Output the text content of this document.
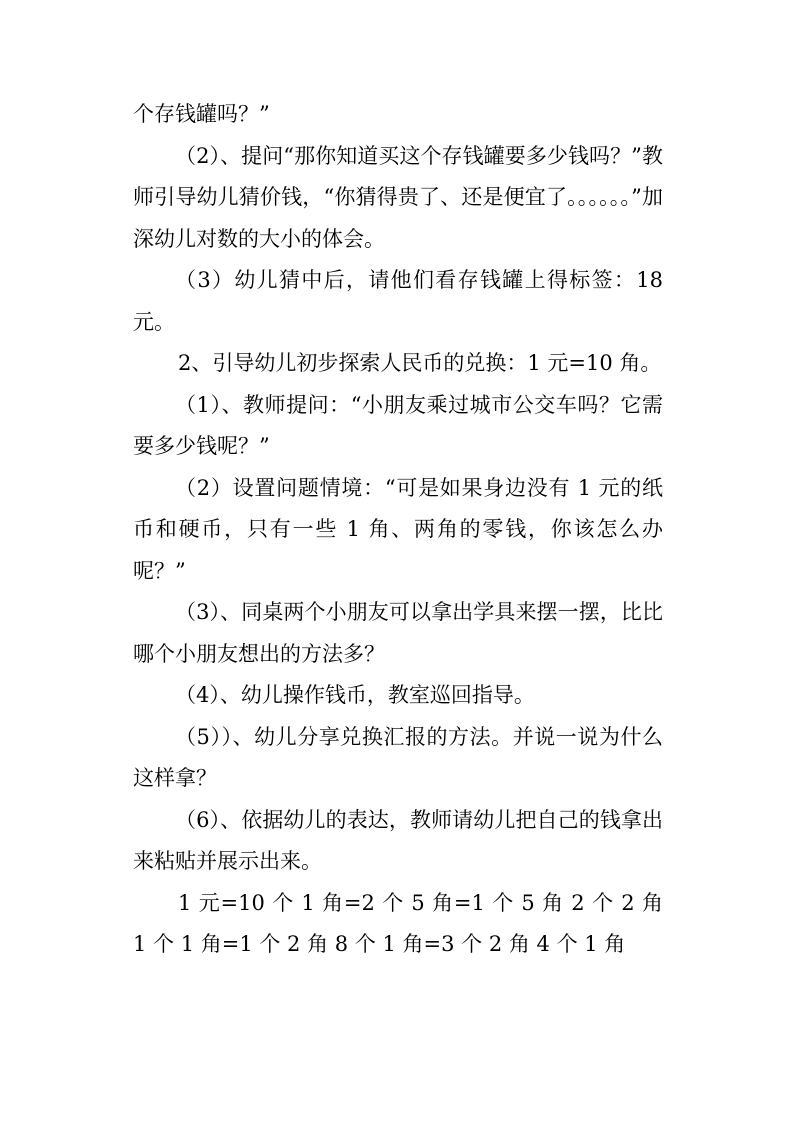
个存钱罐吗？”

（2）、提问“那你知道买这个存钱罐要多少钱吗？”教师引导幼儿猜价钱，“你猜得贵了、还是便宜了。。。。。。”加深幼儿对数的大小的体会。

（3）幼儿猜中后，请他们看存钱罐上得标签：18 元。

2、引导幼儿初步探索人民币的兑换：1 元=10 角。

（1）、教师提问：“小朋友乘过城市公交车吗？它需要多少钱呢？”

（2）设置问题情境：“可是如果身边没有 1 元的纸币和硬币，只有一些 1 角、两角的零钱，你该怎么办呢？”

（3）、同桌两个小朋友可以拿出学具来摆一摆，比比哪个小朋友想出的方法多？

（4）、幼儿操作钱币，教室巡回指导。

（5））、幼儿分享兑换汇报的方法。并说一说为什么这样拿？

（6）、依据幼儿的表达，教师请幼儿把自己的钱拿出来粘贴并展示出来。

1 元=10 个 1 角=2 个 5 角=1 个 5 角 2 个 2 角 1 个 1 角=1 个 2 角 8 个 1 角=3 个 2 角 4 个 1 角
